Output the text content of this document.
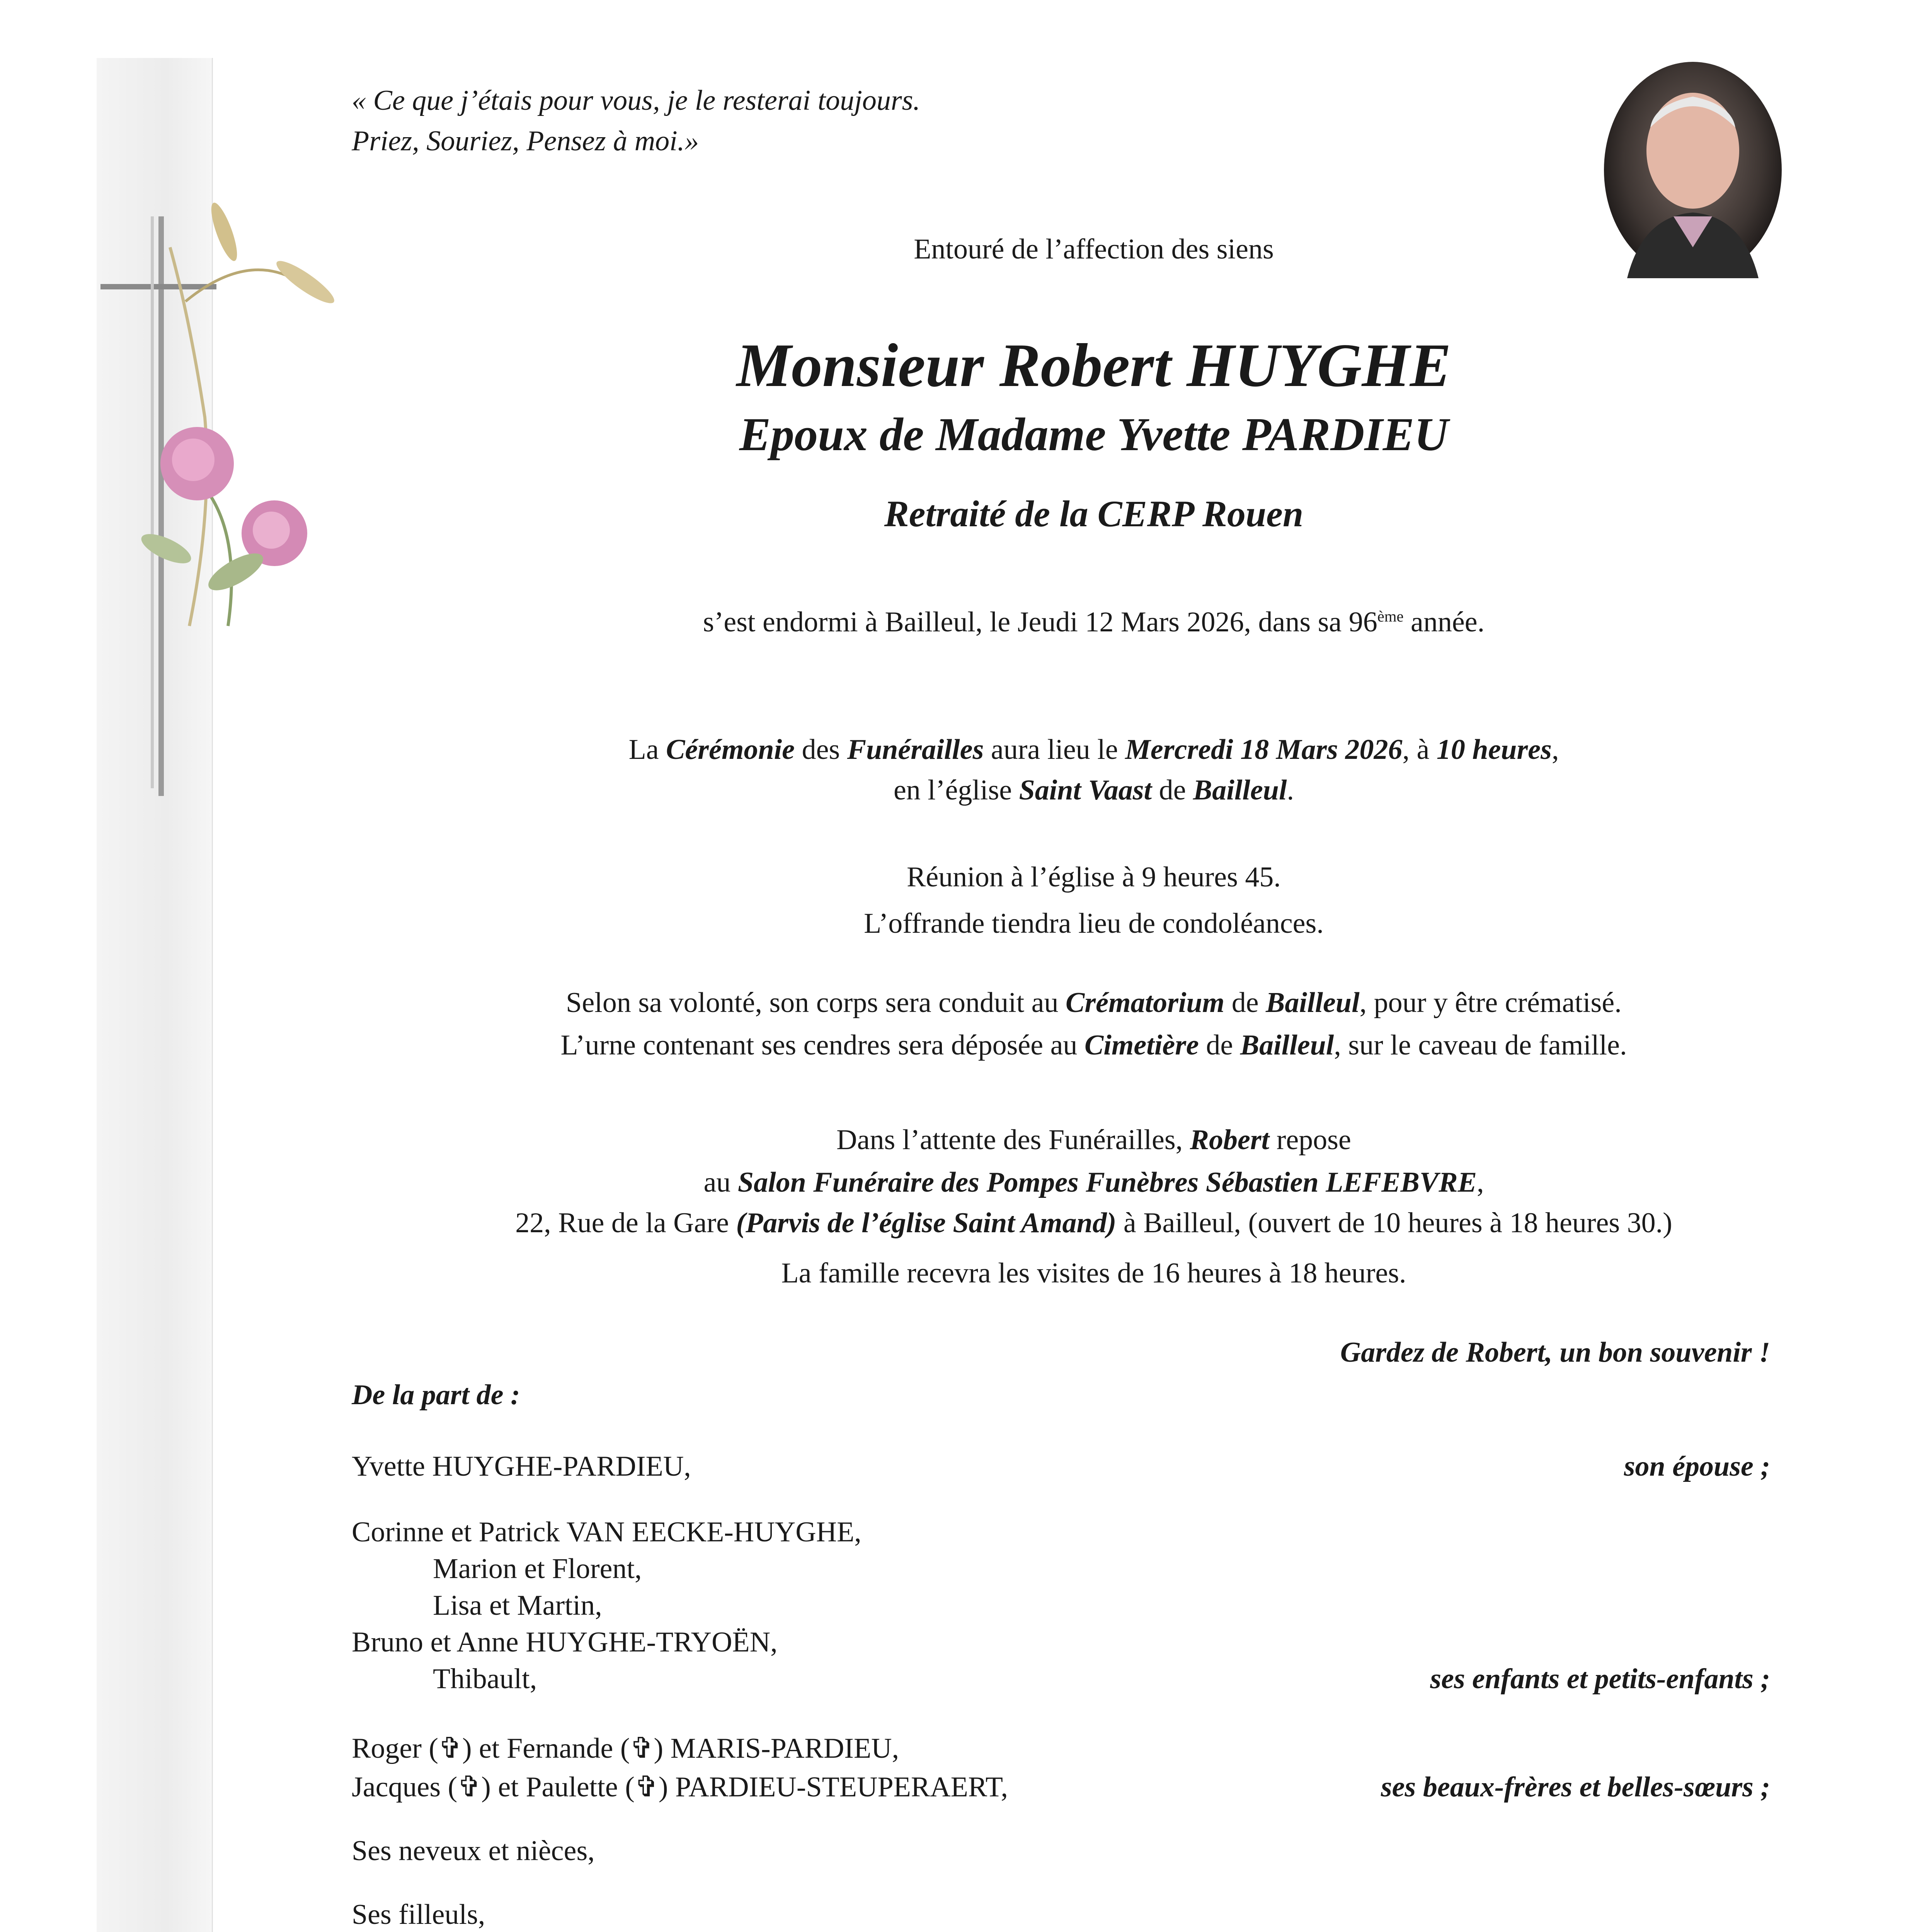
« Ce que j’étais pour vous, je le resterai toujours.
Priez, Souriez, Pensez à moi.»
Entouré de l’affection des siens
Monsieur Robert HUYGHE
Epoux de Madame Yvette PARDIEU
Retraité de la CERP Rouen
s’est endormi à Bailleul, le Jeudi 12 Mars 2026, dans sa 96ème année.
La Cérémonie des Funérailles aura lieu le Mercredi 18 Mars 2026, à 10 heures,
en l’église Saint Vaast de Bailleul.
Réunion à l’église à 9 heures 45.
L’offrande tiendra lieu de condoléances.
Selon sa volonté, son corps sera conduit au Crématorium de Bailleul, pour y être crématisé.
L’urne contenant ses cendres sera déposée au Cimetière de Bailleul, sur le caveau de famille.
Dans l’attente des Funérailles, Robert repose
au Salon Funéraire des Pompes Funèbres Sébastien LEFEBVRE,
22, Rue de la Gare (Parvis de l’église Saint Amand) à Bailleul, (ouvert de 10 heures à 18 heures 30.)
La famille recevra les visites de 16 heures à 18 heures.
Gardez de Robert, un bon souvenir !
De la part de :
Yvette HUYGHE-PARDIEU,	son épouse ;
Corinne et Patrick VAN EECKE-HUYGHE,
Marion et Florent,
Lisa et Martin,
Bruno et Anne HUYGHE-TRYOËN,
Thibault,	ses enfants et petits-enfants ;
Roger (✞) et Fernande (✞) MARIS-PARDIEU,
Jacques (✞) et Paulette (✞) PARDIEU-STEUPERAERT,	ses beaux-frères et belles-sœurs ;
Ses neveux et nièces,
Ses filleuls,
